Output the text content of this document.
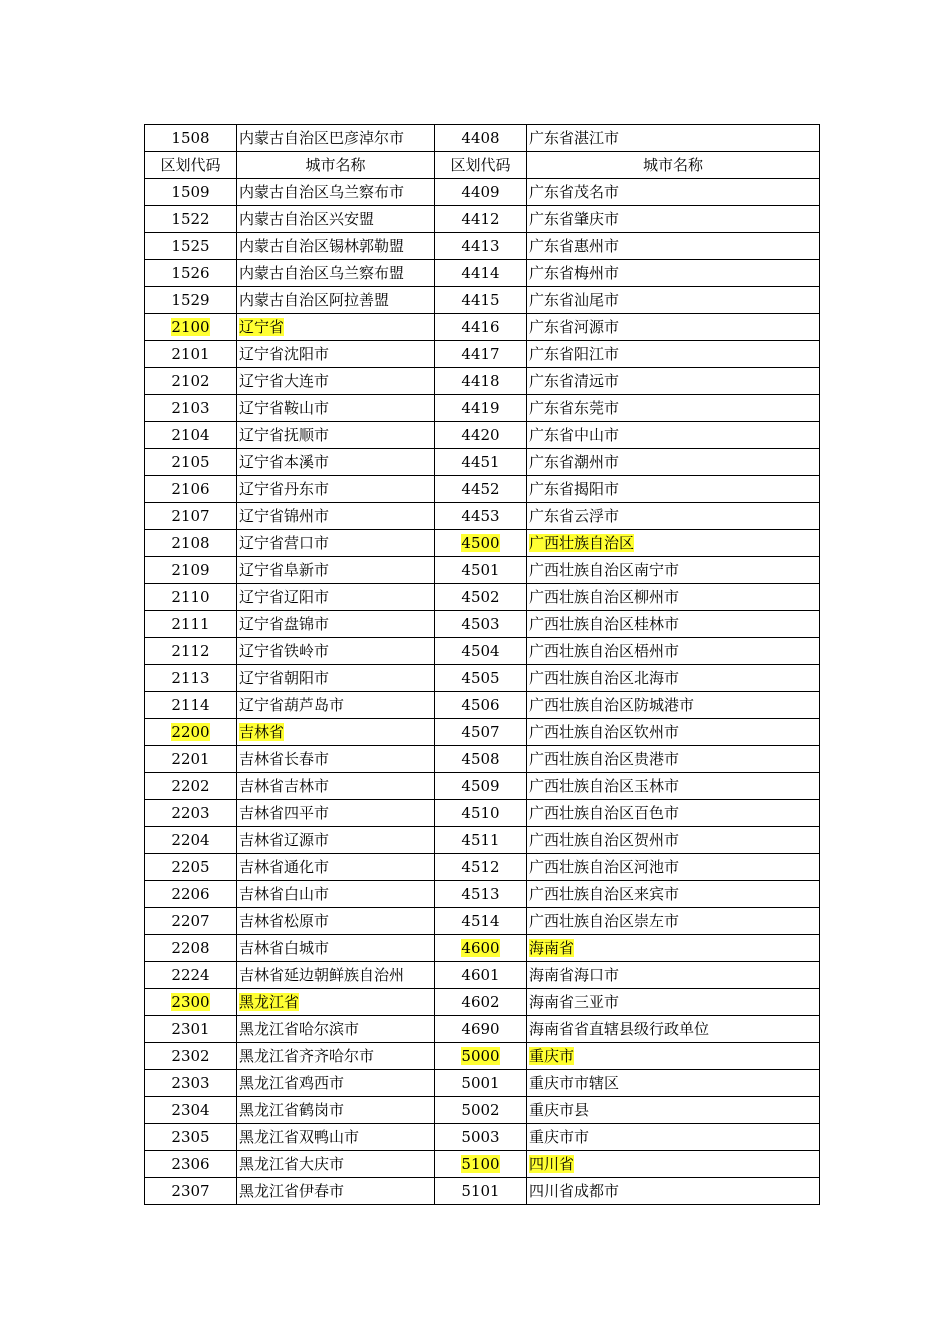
1508	内蒙古自治区巴彦淖尔市	4408	广东省湛江市
区划代码	城市名称	区划代码	城市名称
1509	内蒙古自治区乌兰察布市	4409	广东省茂名市
1522	内蒙古自治区兴安盟	4412	广东省肇庆市
1525	内蒙古自治区锡林郭勒盟	4413	广东省惠州市
1526	内蒙古自治区乌兰察布盟	4414	广东省梅州市
1529	内蒙古自治区阿拉善盟	4415	广东省汕尾市
2100	辽宁省	4416	广东省河源市
2101	辽宁省沈阳市	4417	广东省阳江市
2102	辽宁省大连市	4418	广东省清远市
2103	辽宁省鞍山市	4419	广东省东莞市
2104	辽宁省抚顺市	4420	广东省中山市
2105	辽宁省本溪市	4451	广东省潮州市
2106	辽宁省丹东市	4452	广东省揭阳市
2107	辽宁省锦州市	4453	广东省云浮市
2108	辽宁省营口市	4500	广西壮族自治区
2109	辽宁省阜新市	4501	广西壮族自治区南宁市
2110	辽宁省辽阳市	4502	广西壮族自治区柳州市
2111	辽宁省盘锦市	4503	广西壮族自治区桂林市
2112	辽宁省铁岭市	4504	广西壮族自治区梧州市
2113	辽宁省朝阳市	4505	广西壮族自治区北海市
2114	辽宁省葫芦岛市	4506	广西壮族自治区防城港市
2200	吉林省	4507	广西壮族自治区钦州市
2201	吉林省长春市	4508	广西壮族自治区贵港市
2202	吉林省吉林市	4509	广西壮族自治区玉林市
2203	吉林省四平市	4510	广西壮族自治区百色市
2204	吉林省辽源市	4511	广西壮族自治区贺州市
2205	吉林省通化市	4512	广西壮族自治区河池市
2206	吉林省白山市	4513	广西壮族自治区来宾市
2207	吉林省松原市	4514	广西壮族自治区崇左市
2208	吉林省白城市	4600	海南省
2224	吉林省延边朝鲜族自治州	4601	海南省海口市
2300	黑龙江省	4602	海南省三亚市
2301	黑龙江省哈尔滨市	4690	海南省省直辖县级行政单位
2302	黑龙江省齐齐哈尔市	5000	重庆市
2303	黑龙江省鸡西市	5001	重庆市市辖区
2304	黑龙江省鹤岗市	5002	重庆市县
2305	黑龙江省双鸭山市	5003	重庆市市
2306	黑龙江省大庆市	5100	四川省
2307	黑龙江省伊春市	5101	四川省成都市
